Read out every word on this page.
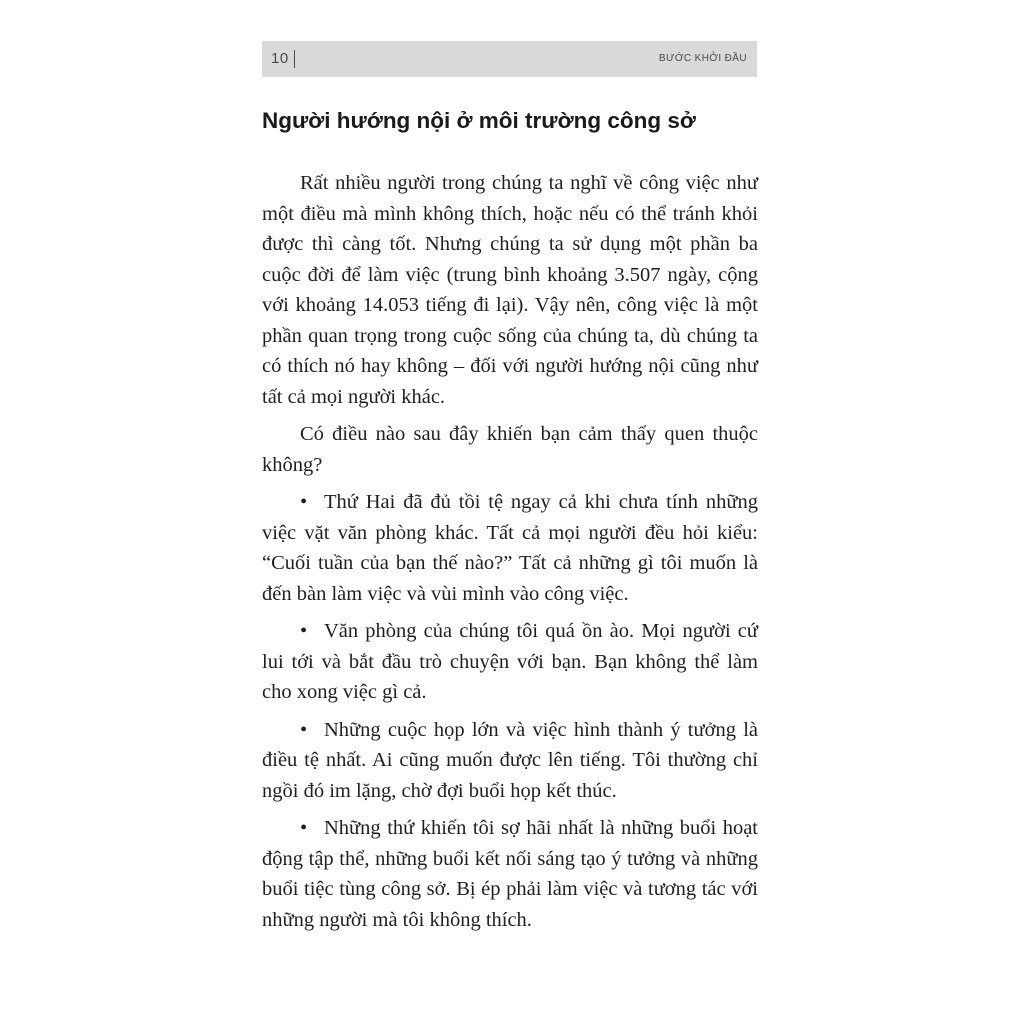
10	BƯỚC KHỞI ĐẦU
Người hướng nội ở môi trường công sở

Rất nhiều người trong chúng ta nghĩ về công việc như một điều mà mình không thích, hoặc nếu có thể tránh khỏi được thì càng tốt. Nhưng chúng ta sử dụng một phần ba cuộc đời để làm việc (trung bình khoảng 3.507 ngày, cộng với khoảng 14.053 tiếng đi lại). Vậy nên, công việc là một phần quan trọng trong cuộc sống của chúng ta, dù chúng ta có thích nó hay không – đối với người hướng nội cũng như tất cả mọi người khác.

Có điều nào sau đây khiến bạn cảm thấy quen thuộc không?

•Thứ Hai đã đủ tồi tệ ngay cả khi chưa tính những việc vặt văn phòng khác. Tất cả mọi người đều hỏi kiểu: “Cuối tuần của bạn thế nào?” Tất cả những gì tôi muốn là đến bàn làm việc và vùi mình vào công việc.

•Văn phòng của chúng tôi quá ồn ào. Mọi người cứ lui tới và bắt đầu trò chuyện với bạn. Bạn không thể làm cho xong việc gì cả.

•Những cuộc họp lớn và việc hình thành ý tưởng là điều tệ nhất. Ai cũng muốn được lên tiếng. Tôi thường chỉ ngồi đó im lặng, chờ đợi buổi họp kết thúc.

•Những thứ khiến tôi sợ hãi nhất là những buổi hoạt động tập thể, những buổi kết nối sáng tạo ý tưởng và những buổi tiệc tùng công sở. Bị ép phải làm việc và tương tác với những người mà tôi không thích.
